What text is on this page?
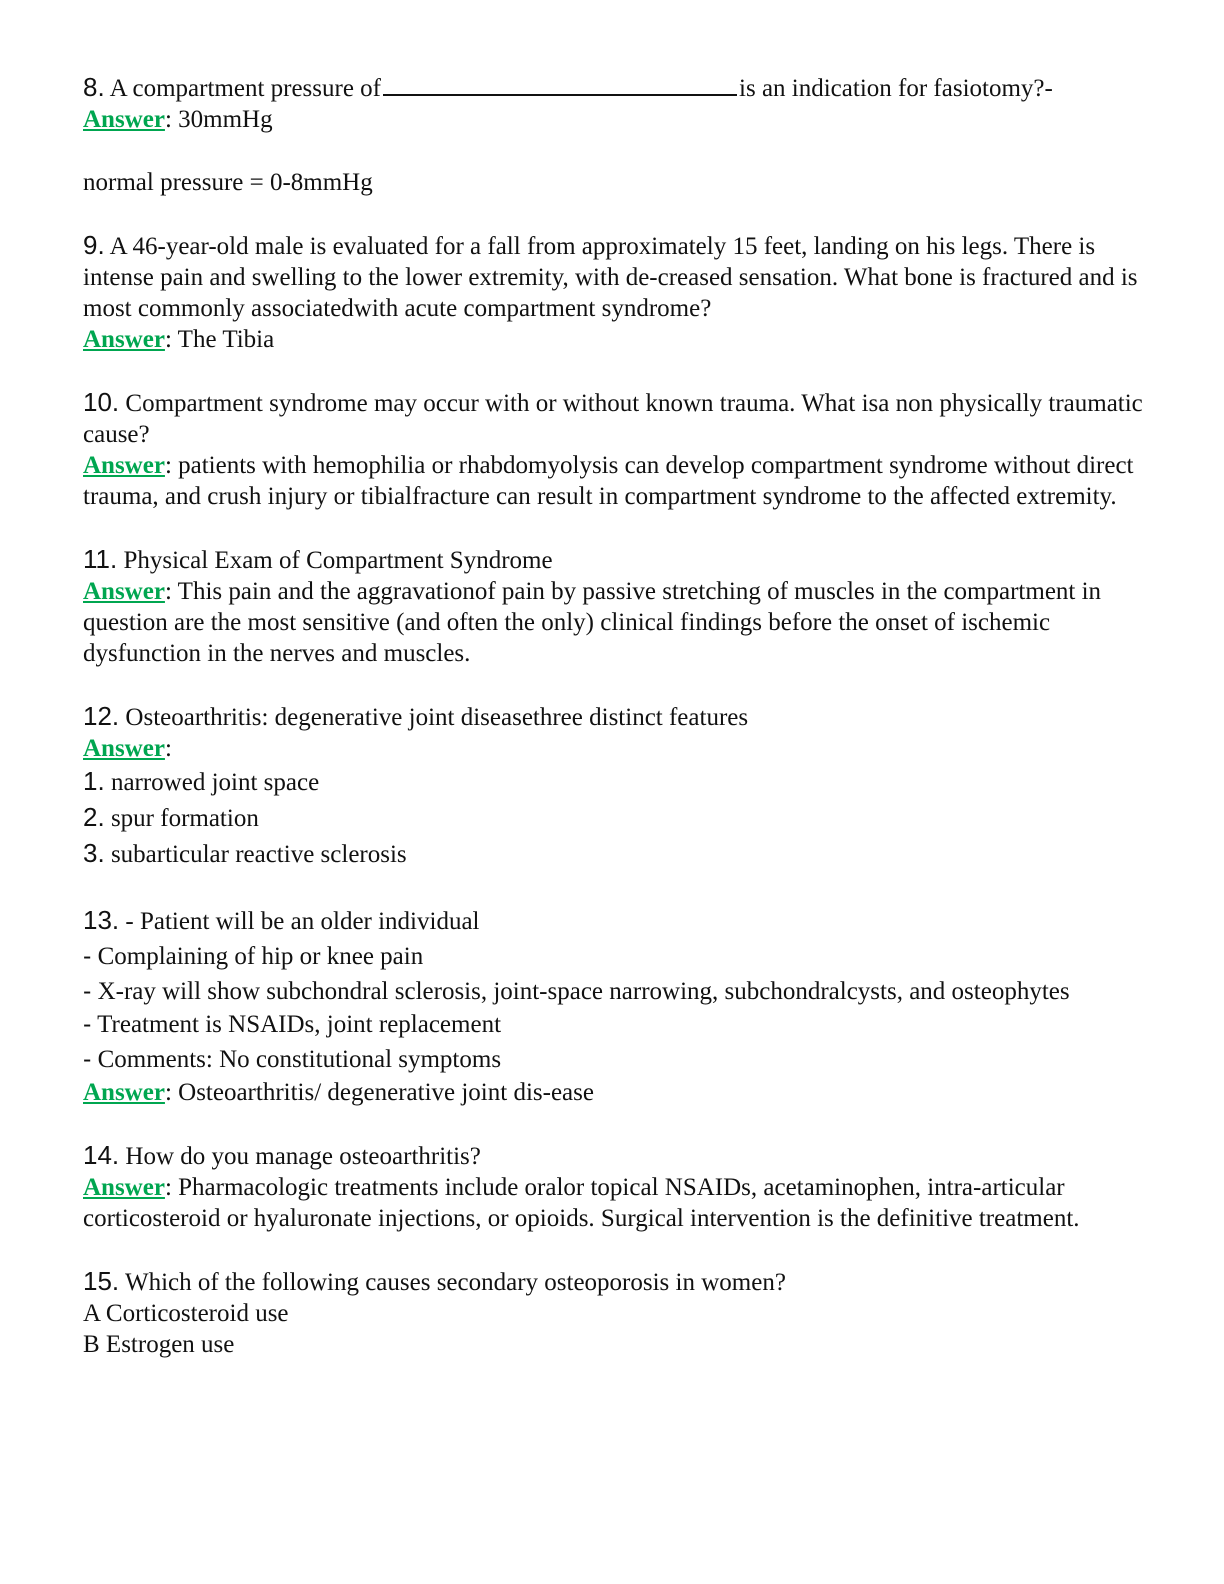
8. A compartment pressure of	is an indication for fasiotomy?-

Answer: 30mmHg

normal pressure = 0-8mmHg

9. A 46-year-old male is evaluated for a fall from approximately 15 feet, landing on his legs. There is intense pain and swelling to the lower extremity, with de-creased sensation. What bone is fractured and is most commonly associatedwith acute compartment syndrome?

Answer: The Tibia

10. Compartment syndrome may occur with or without known trauma. What isa non physically traumatic cause?

Answer: patients with hemophilia or rhabdomyolysis can develop compartment syndrome without direct trauma, and crush injury or tibialfracture can result in compartment syndrome to the affected extremity.

11. Physical Exam of Compartment Syndrome

Answer: This pain and the aggravationof pain by passive stretching of muscles in the compartment in question are the most sensitive (and often the only) clinical findings before the onset of ischemic dysfunction in the nerves and muscles.

12. Osteoarthritis: degenerative joint diseasethree distinct features

Answer:

1. narrowed joint space

2. spur formation

3. subarticular reactive sclerosis

13. - Patient will be an older individual

- Complaining of hip or knee pain

- X-ray will show subchondral sclerosis, joint-space narrowing, subchondralcysts, and osteophytes

- Treatment is NSAIDs, joint replacement

- Comments: No constitutional symptoms

Answer: Osteoarthritis/ degenerative joint dis-ease

14. How do you manage osteoarthritis?

Answer: Pharmacologic treatments include oralor topical NSAIDs, acetaminophen, intra-articular corticosteroid or hyaluronate injections, or opioids. Surgical intervention is the definitive treatment.

15. Which of the following causes secondary osteoporosis in women?

A Corticosteroid use

B Estrogen use
